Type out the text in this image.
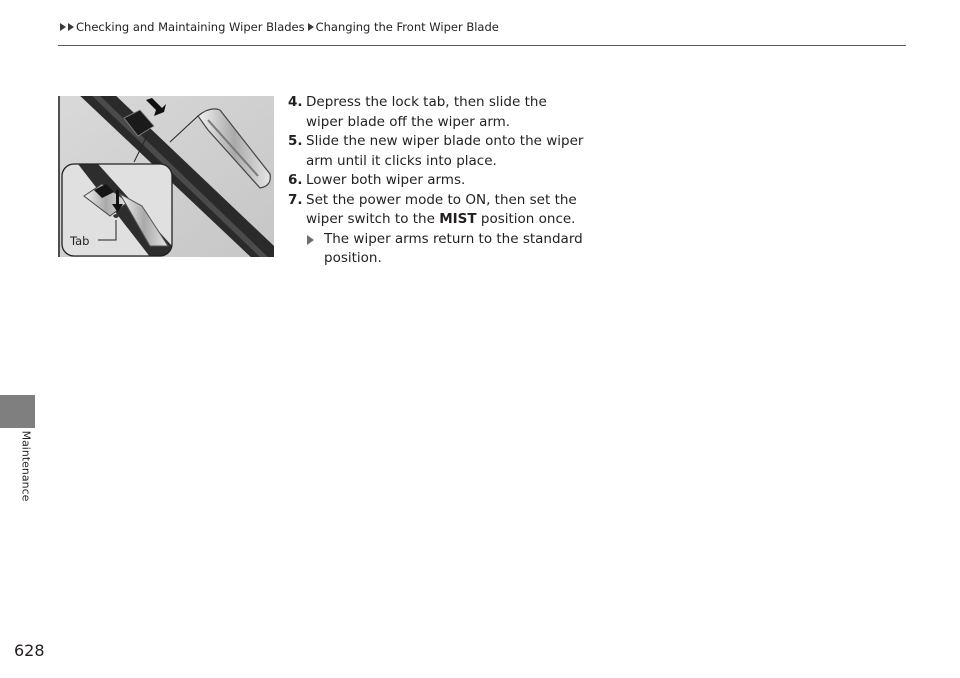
Checking and Maintaining Wiper Blades Changing the Front Wiper Blade
Maintenance
628
Tab
4. Depress the lock tab, then slide the wiper blade off the wiper arm.
5. Slide the new wiper blade onto the wiper arm until it clicks into place.
6. Lower both wiper arms.
7. Set the power mode to ON, then set the wiper switch to the MIST position once.
The wiper arms return to the standard position.
